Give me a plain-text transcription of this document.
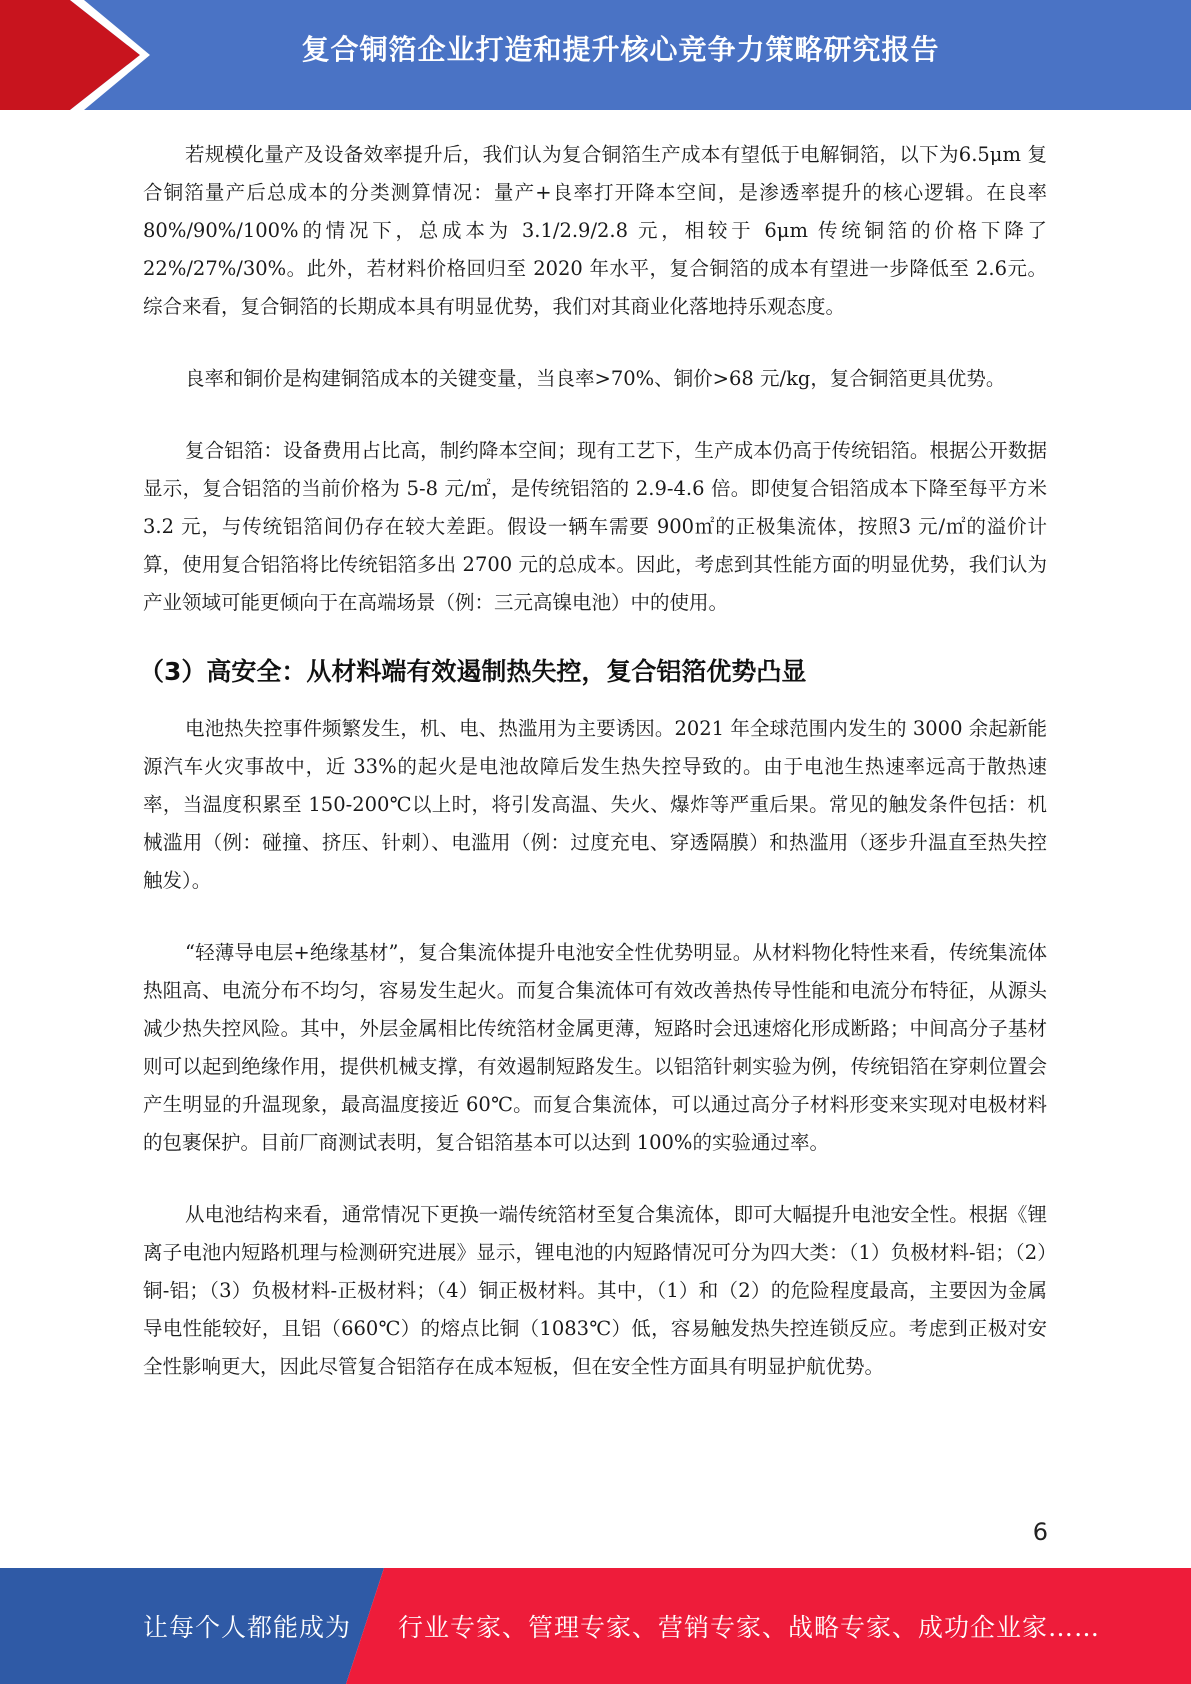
复合铜箔企业打造和提升核心竞争力策略研究报告

若规模化量产及设备效率提升后，我们认为复合铜箔生产成本有望低于电解铜箔，以下为6.5μm 复合铜箔量产后总成本的分类测算情况：量产+良率打开降本空间，是渗透率提升的核心逻辑。在良率 80%/90%/100%的情况下，总成本为 3.1/2.9/2.8 元，相较于 6μm 传统铜箔的价格下降了 22%/27%/30%。此外，若材料价格回归至 2020 年水平，复合铜箔的成本有望进一步降低至 2.6元。综合来看，复合铜箔的长期成本具有明显优势，我们对其商业化落地持乐观态度。

良率和铜价是构建铜箔成本的关键变量，当良率>70%、铜价>68 元/kg，复合铜箔更具优势。

复合铝箔：设备费用占比高，制约降本空间；现有工艺下，生产成本仍高于传统铝箔。根据公开数据显示，复合铝箔的当前价格为 5-8 元/㎡，是传统铝箔的 2.9-4.6 倍。即使复合铝箔成本下降至每平方米 3.2 元，与传统铝箔间仍存在较大差距。假设一辆车需要 900㎡的正极集流体，按照3 元/㎡的溢价计算，使用复合铝箔将比传统铝箔多出 2700 元的总成本。因此，考虑到其性能方面的明显优势，我们认为产业领域可能更倾向于在高端场景（例：三元高镍电池）中的使用。

（3）高安全：从材料端有效遏制热失控，复合铝箔优势凸显

电池热失控事件频繁发生，机、电、热滥用为主要诱因。2021 年全球范围内发生的 3000 余起新能源汽车火灾事故中，近 33%的起火是电池故障后发生热失控导致的。由于电池生热速率远高于散热速率，当温度积累至 150-200℃以上时，将引发高温、失火、爆炸等严重后果。常见的触发条件包括：机械滥用（例：碰撞、挤压、针刺）、电滥用（例：过度充电、穿透隔膜）和热滥用（逐步升温直至热失控触发）。

“轻薄导电层+绝缘基材”，复合集流体提升电池安全性优势明显。从材料物化特性来看，传统集流体热阻高、电流分布不均匀，容易发生起火。而复合集流体可有效改善热传导性能和电流分布特征，从源头减少热失控风险。其中，外层金属相比传统箔材金属更薄，短路时会迅速熔化形成断路；中间高分子基材则可以起到绝缘作用，提供机械支撑，有效遏制短路发生。以铝箔针刺实验为例，传统铝箔在穿刺位置会产生明显的升温现象，最高温度接近 60℃。而复合集流体，可以通过高分子材料形变来实现对电极材料的包裹保护。目前厂商测试表明，复合铝箔基本可以达到 100%的实验通过率。

从电池结构来看，通常情况下更换一端传统箔材至复合集流体，即可大幅提升电池安全性。根据《锂离子电池内短路机理与检测研究进展》显示，锂电池的内短路情况可分为四大类：（1）负极材料-铝；（2）铜-铝；（3）负极材料-正极材料；（4）铜正极材料。其中，（1）和（2）的危险程度最高，主要因为金属导电性能较好，且铝（660℃）的熔点比铜（1083℃）低，容易触发热失控连锁反应。考虑到正极对安全性影响更大，因此尽管复合铝箔存在成本短板，但在安全性方面具有明显护航优势。

6
让每个人都能成为 行业专家、管理专家、营销专家、战略专家、成功企业家……
